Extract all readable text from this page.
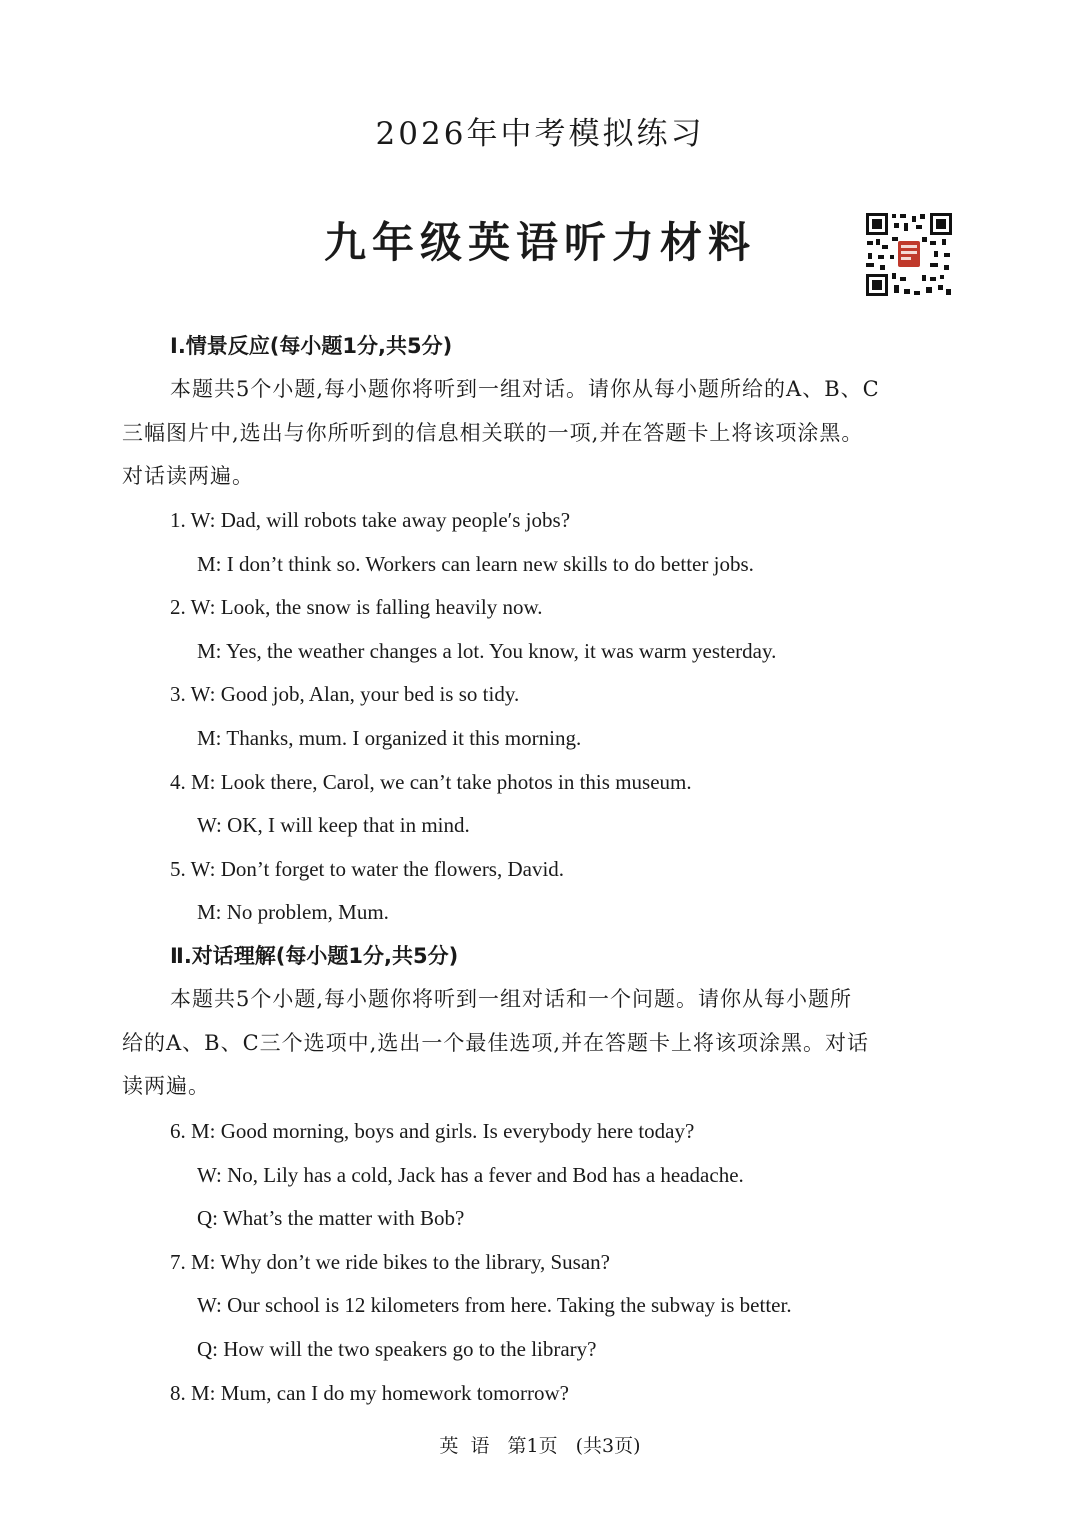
2026年中考模拟练习
九年级英语听力材料
Ⅰ.情景反应(每小题1分,共5分)
本题共5个小题,每小题你将听到一组对话。请你从每小题所给的A、B、C
三幅图片中,选出与你所听到的信息相关联的一项,并在答题卡上将该项涂黑。
对话读两遍。
1. W: Dad, will robots take away people′s jobs?
M: I don’t think so. Workers can learn new skills to do better jobs.
2. W: Look, the snow is falling heavily now.
M: Yes, the weather changes a lot. You know, it was warm yesterday.
3. W: Good job, Alan, your bed is so tidy.
M: Thanks, mum. I organized it this morning.
4. M: Look there, Carol, we can’t take photos in this museum.
W: OK, I will keep that in mind.
5. W: Don’t forget to water the flowers, David.
M: No problem, Mum.
Ⅱ.对话理解(每小题1分,共5分)
本题共5个小题,每小题你将听到一组对话和一个问题。请你从每小题所
给的A、B、C三个选项中,选出一个最佳选项,并在答题卡上将该项涂黑。对话
读两遍。
6. M: Good morning, boys and girls. Is everybody here today?
W: No, Lily has a cold, Jack has a fever and Bod has a headache.
Q: What’s the matter with Bob?
7. M: Why don’t we ride bikes to the library, Susan?
W: Our school is 12 kilometers from here. Taking the subway is better.
Q: How will the two speakers go to the library?
8. M: Mum, can I do my homework tomorrow?
英 语 第1页 (共3页)
